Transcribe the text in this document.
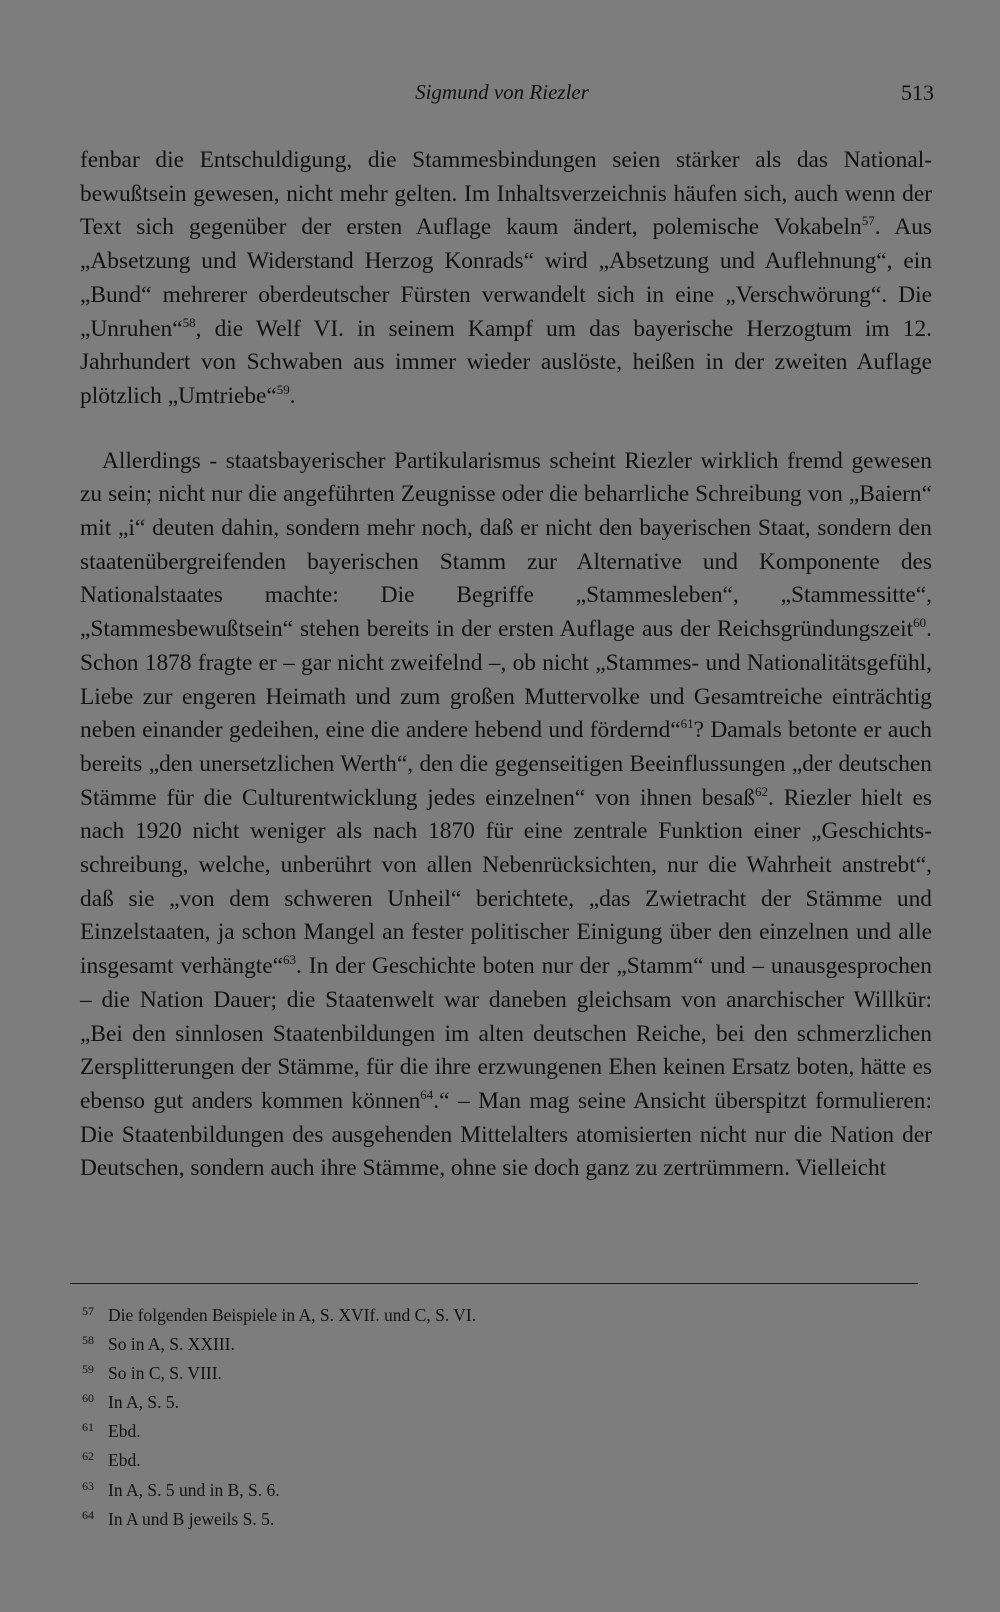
Sigmund von Riezler	513

fenbar die Entschuldigung, die Stammesbindungen seien stärker als das Nationalbewußtsein gewesen, nicht mehr gelten. Im Inhaltsverzeichnis häufen sich, auch wenn der Text sich gegenüber der ersten Auflage kaum ändert, polemische Vokabeln$^{57}$. Aus „Absetzung und Widerstand Herzog Konrads“ wird „Absetzung und Auflehnung“, ein „Bund“ mehrerer oberdeutscher Fürsten verwandelt sich in eine „Verschwörung“. Die „Unruhen“$^{58}$, die Welf VI. in seinem Kampf um das bayerische Herzogtum im 12. Jahrhundert von Schwaben aus immer wieder auslöste, heißen in der zweiten Auflage plötzlich „Umtriebe“$^{59}$.

Allerdings - staatsbayerischer Partikularismus scheint Riezler wirklich fremd gewesen zu sein; nicht nur die angeführten Zeugnisse oder die beharrliche Schreibung von „Baiern“ mit „i“ deuten dahin, sondern mehr noch, daß er nicht den bayerischen Staat, sondern den staatenübergreifenden bayerischen Stamm zur Alternative und Komponente des Nationalstaates machte: Die Begriffe „Stammesleben“, „Stammessitte“, „Stammesbewußtsein“ stehen bereits in der ersten Auflage aus der Reichsgründungszeit$^{60}$. Schon 1878 fragte er – gar nicht zweifelnd –, ob nicht „Stammes- und Nationalitätsgefühl, Liebe zur engeren Heimath und zum großen Muttervolke und Gesamtreiche einträchtig neben einander gedeihen, eine die andere hebend und fördernd“$^{61}$? Damals betonte er auch bereits „den unersetzlichen Werth“, den die gegenseitigen Beeinflussungen „der deutschen Stämme für die Culturentwicklung jedes einzelnen“ von ihnen besaß$^{62}$. Riezler hielt es nach 1920 nicht weniger als nach 1870 für eine zentrale Funktion einer „Geschichtsschreibung, welche, unberührt von allen Nebenrücksichten, nur die Wahrheit anstrebt“, daß sie „von dem schweren Unheil“ berichtete, „das Zwietracht der Stämme und Einzelstaaten, ja schon Mangel an fester politischer Einigung über den einzelnen und alle insgesamt verhängte“$^{63}$. In der Geschichte boten nur der „Stamm“ und – unausgesprochen – die Nation Dauer; die Staatenwelt war daneben gleichsam von anarchischer Willkür: „Bei den sinnlosen Staatenbildungen im alten deutschen Reiche, bei den schmerzlichen Zersplitterungen der Stämme, für die ihre erzwungenen Ehen keinen Ersatz boten, hätte es ebenso gut anders kommen können$^{64}$.“ – Man mag seine Ansicht überspitzt formulieren: Die Staatenbildungen des ausgehenden Mittelalters atomisierten nicht nur die Nation der Deutschen, sondern auch ihre Stämme, ohne sie doch ganz zu zertrümmern. Vielleicht

57 Die folgenden Beispiele in A, S. XVIf. und C, S. VI.
58 So in A, S. XXIII.
59 So in C, S. VIII.
60 In A, S. 5.
61 Ebd.
62 Ebd.
63 In A, S. 5 und in B, S. 6.
64 In A und B jeweils S. 5.
